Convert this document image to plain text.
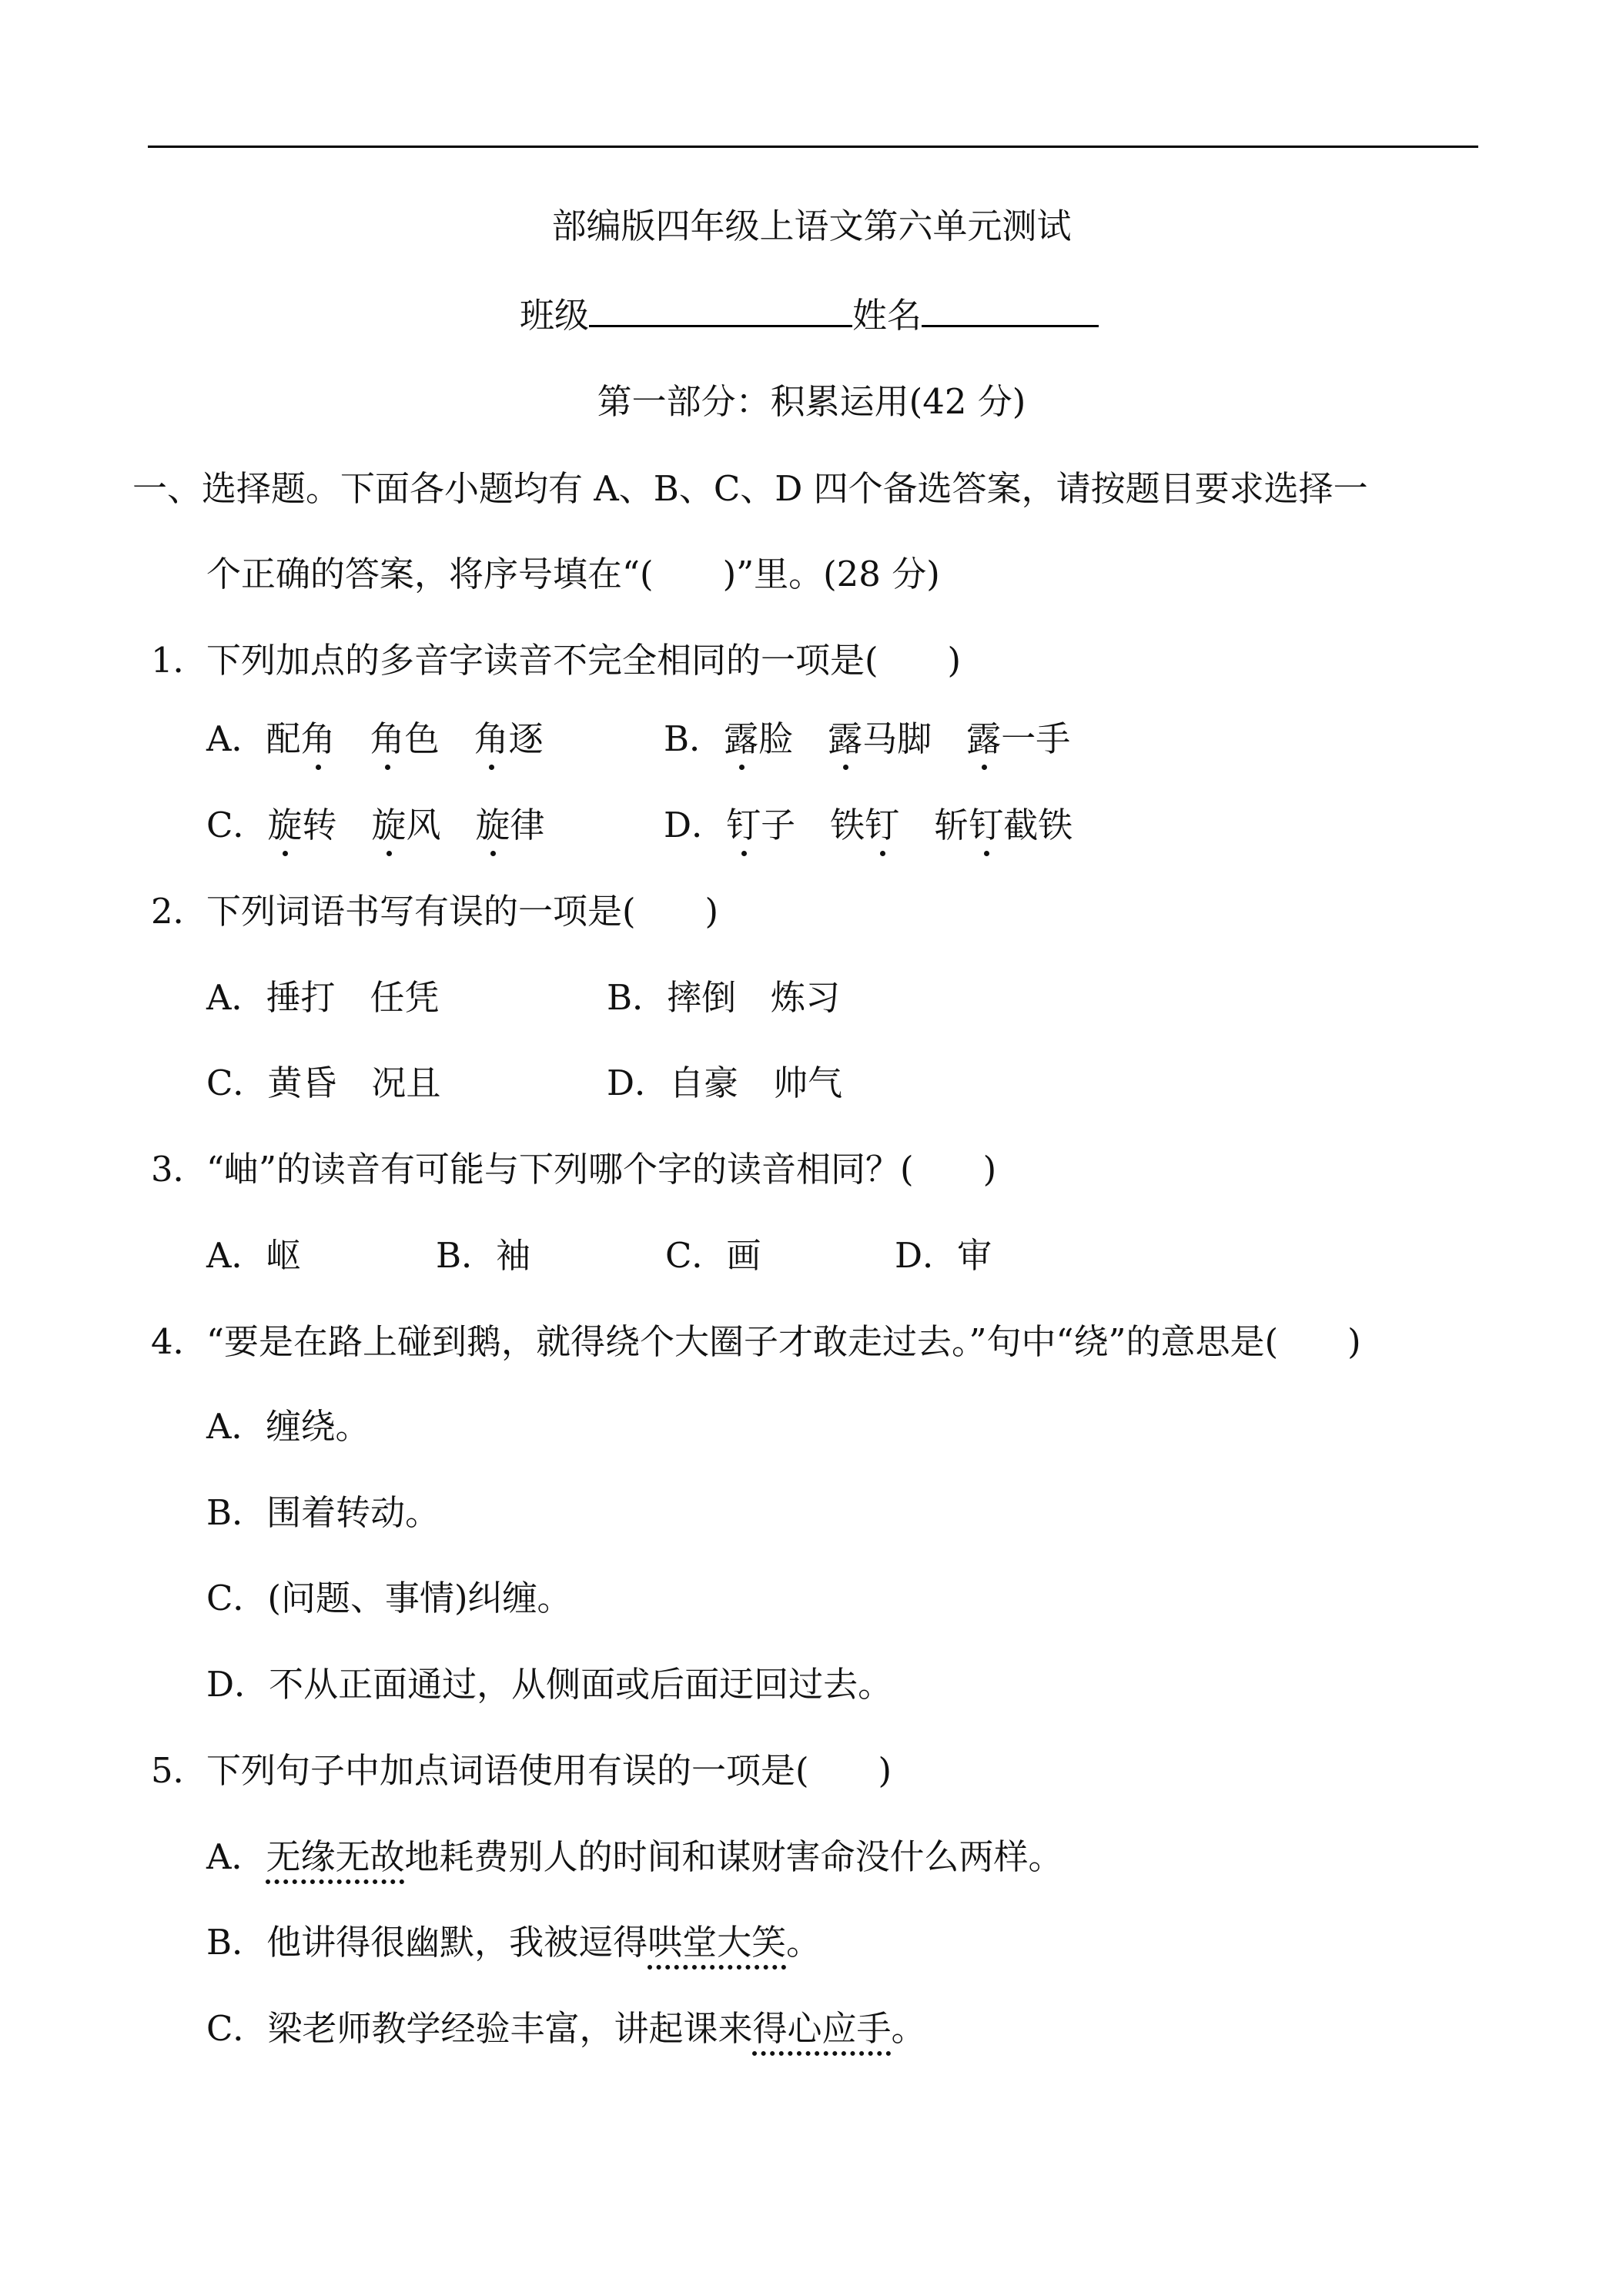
部编版四年级上语文第六单元测试
班级	姓名
第一部分：积累运用(42 分)
一、选择题。下面各小题均有 A、B、C、D 四个备选答案，请按题目要求选择一
个正确的答案，将序号填在“(　　)”里。(28 分)
1．
下列加点的多音字读音不完全相同的一项是(　　)
A．配角　 角色　 角逐	B．露脸　 露马脚　 露一手
C．旋转　 旋风　 旋律	D．钉子　 铁钉　 斩钉截铁
2．
下列词语书写有误的一项是(　　)
A．捶打　任凭	B．摔倒　炼习
C．黄昏　况且	D．自豪　帅气
3．
“岫”的读音有可能与下列哪个字的读音相同？(　　)
A．岖	B．袖	C．画	D．审
4．
“要是在路上碰到鹅，就得绕个大圈子才敢走过去。”句中“绕”的意思是(　　)
A．缠绕。
B．围着转动。
C．(问题、事情)纠缠。
D．不从正面通过，从侧面或后面迂回过去。
5．
下列句子中加点词语使用有误的一项是(　　)
A．无缘无故地耗费别人的时间和谋财害命没什么两样。
B．他讲得很幽默，我被逗得哄堂大笑。
C．梁老师教学经验丰富，讲起课来得心应手。
